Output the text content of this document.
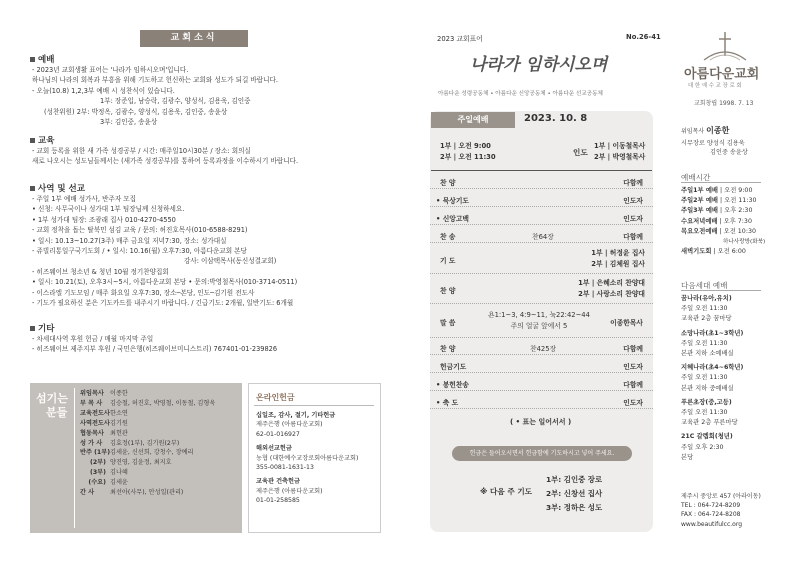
교회소식
예배
- 2023년 교회생활 표어는 '나라가 임하시오며'입니다.
하나님의 나라의 회복과 부흥을 위해 기도하고 헌신하는 교회와 성도가 되길 바랍니다.
- 오늘(10.8) 1,2,3부 예배 시 성찬식이 있습니다.
1부: 장준입, 남승락, 김광수, 양성식, 김용욱, 김인중
(성찬위원) 2부: 박정옥, 김광수, 양성식, 김용욱, 김인중, 송윤상
3부: 김인중, 송윤상
교육
- 교회 등록을 위한 새 가족 성경공부 / 시간: 매주일10시30분 / 장소: 회의실
새로 나오시는 성도님들께서는 (새가족 성경공부)를 통하여 등록과정을 이수하시기 바랍니다.
사역 및 선교
- 주일 1부 예배 성가사, 반주자 모집
• 신청: 사무국이나 성가대 1부 팀장님께 신청하세요.
• 1부 성가대 팀장: 조광래 집사 010-4270-4550
- 교회 정착을 돕는 탈북민 섬김 교육 / 문의: 허진호목사(010-6588-8291)
• 일시: 10.13~10.27(3주) 매주 금요일 저녁7:30, 장소: 성가대실
- 쥬빌리통일구국기도회 / • 일시: 10.16(월) 오후7:30, 아름다운교회 본당
강사: 이삼택목사(동신성결교회)
- 히즈웨이브 청소년 & 청년 10월 정기찬양집회
• 일시: 10.21(토), 오후3시~5시, 아름다운교회 본당 • 문의:박영철목사(010-3714-0511)
- 이스라엘 기도모임 / 매주 화요일 오후7:30, 장소─본당, 인도─김기원 전도사
- 기도가 필요하신 분은 기도카드를 내주시기 바랍니다. / 긴급기도: 2개월, 일반기도: 6개월
기타
- 차세대사역 후원 헌금 / 매월 마지막 주일
- 히즈웨이브 제주지부 후원 / 국민은행(히즈웨이브미니스트리) 767401-01-239826
섬기는
분들
위임목사 이종한
부 목 사 김승철, 허진호, 박영철, 이동철, 김형욱
교육전도사 한소연
사역전도사 김기원
협동목사 최헌관
성 가 사 김효정(1부), 김기원(2부)
반주 (1부) 김세윤, 신선희, 강청수, 장예리
(2부) 양진영, 김윤정, 최지호
(3부) 김나혜
(수요) 김세윤
간 사	최선아(사무), 안성일(관리)
온라인헌금
십일조, 감사, 절기, 기타헌금
제주은행 (아름다운교회)
62-01-016927
해외선교헌금
농협 (대한예수교장로회아름다운교회)
355-0081-1631-13
교육관 건축헌금
제주은행 (아름다운교회)
01-01-258585
2023 교회표어	No.26-41
나라가 임하시오며
아름다운 성령공동체 • 아름다운 신앙공동체 • 아름다운 선교공동체
아름다운교회
대 한 예 수 교 장 로 회
교회창립 1998. 7. 13
주일예배	2023. 10. 8
1부 | 오전 9:00
2부 | 오전 11:30	인도
1부 | 이동철목사
2부 | 박영철목사
찬 양	다함께
• 묵상기도	인도자
• 신앙고백	인도자
찬 송	찬64장	다함께
기 도
1부 | 허정윤 집사
2부 | 김체원 집사
찬 양
1부 | 은혜소리 찬양대
2부 | 사랑소리 찬양대
말 씀
욘1:1~3, 4:9~11, 눅22:42~44
주의 얼굴 앞에서 5	이종한목사
찬 양	찬425장	다함께
헌금기도	인도자
• 봉헌찬송	다함께
• 축 도	인도자
( • 표는 일어서서 )
헌금은 들어오시면서 헌금함에 기도하시고 넣어 주세요.
※ 다음 주 기도
1부: 김인중 장로
2부: 신창선 집사
3부: 정하은 성도
위임목사 이종한
시무장로 양성식 김용욱
김인중 송윤상
예배시간
주일1부 예배 | 오전 9:00
주일2부 예배 | 오전 11:30
주일3부 예배 | 오후 2:30
수요저녁예배 | 오후 7:30
목요오전예배 | 오전 10:30
하나사랑방(화북)
새벽기도회 | 오전 6:00
다음세대 예배
꿈나라(유아,유치)
주일 오전 11:30
교육관 2층 꿈마당
소망나라(초1~3학년)
주일 오전 11:30
본관 지하 소예배실
지혜나라(초4~6학년)
주일 오전 11:30
본관 지하 중예배실
푸른초장(중,고등)
주일 오전 11:30
교육관 2층 푸른마당
21C 갈렙회(청년)
주일 오후 2:30
본당
제주시 중앙로 457 (아라이동)
TEL : 064-724-8209
FAX : 064-724-8208
www.beautifulcc.org
